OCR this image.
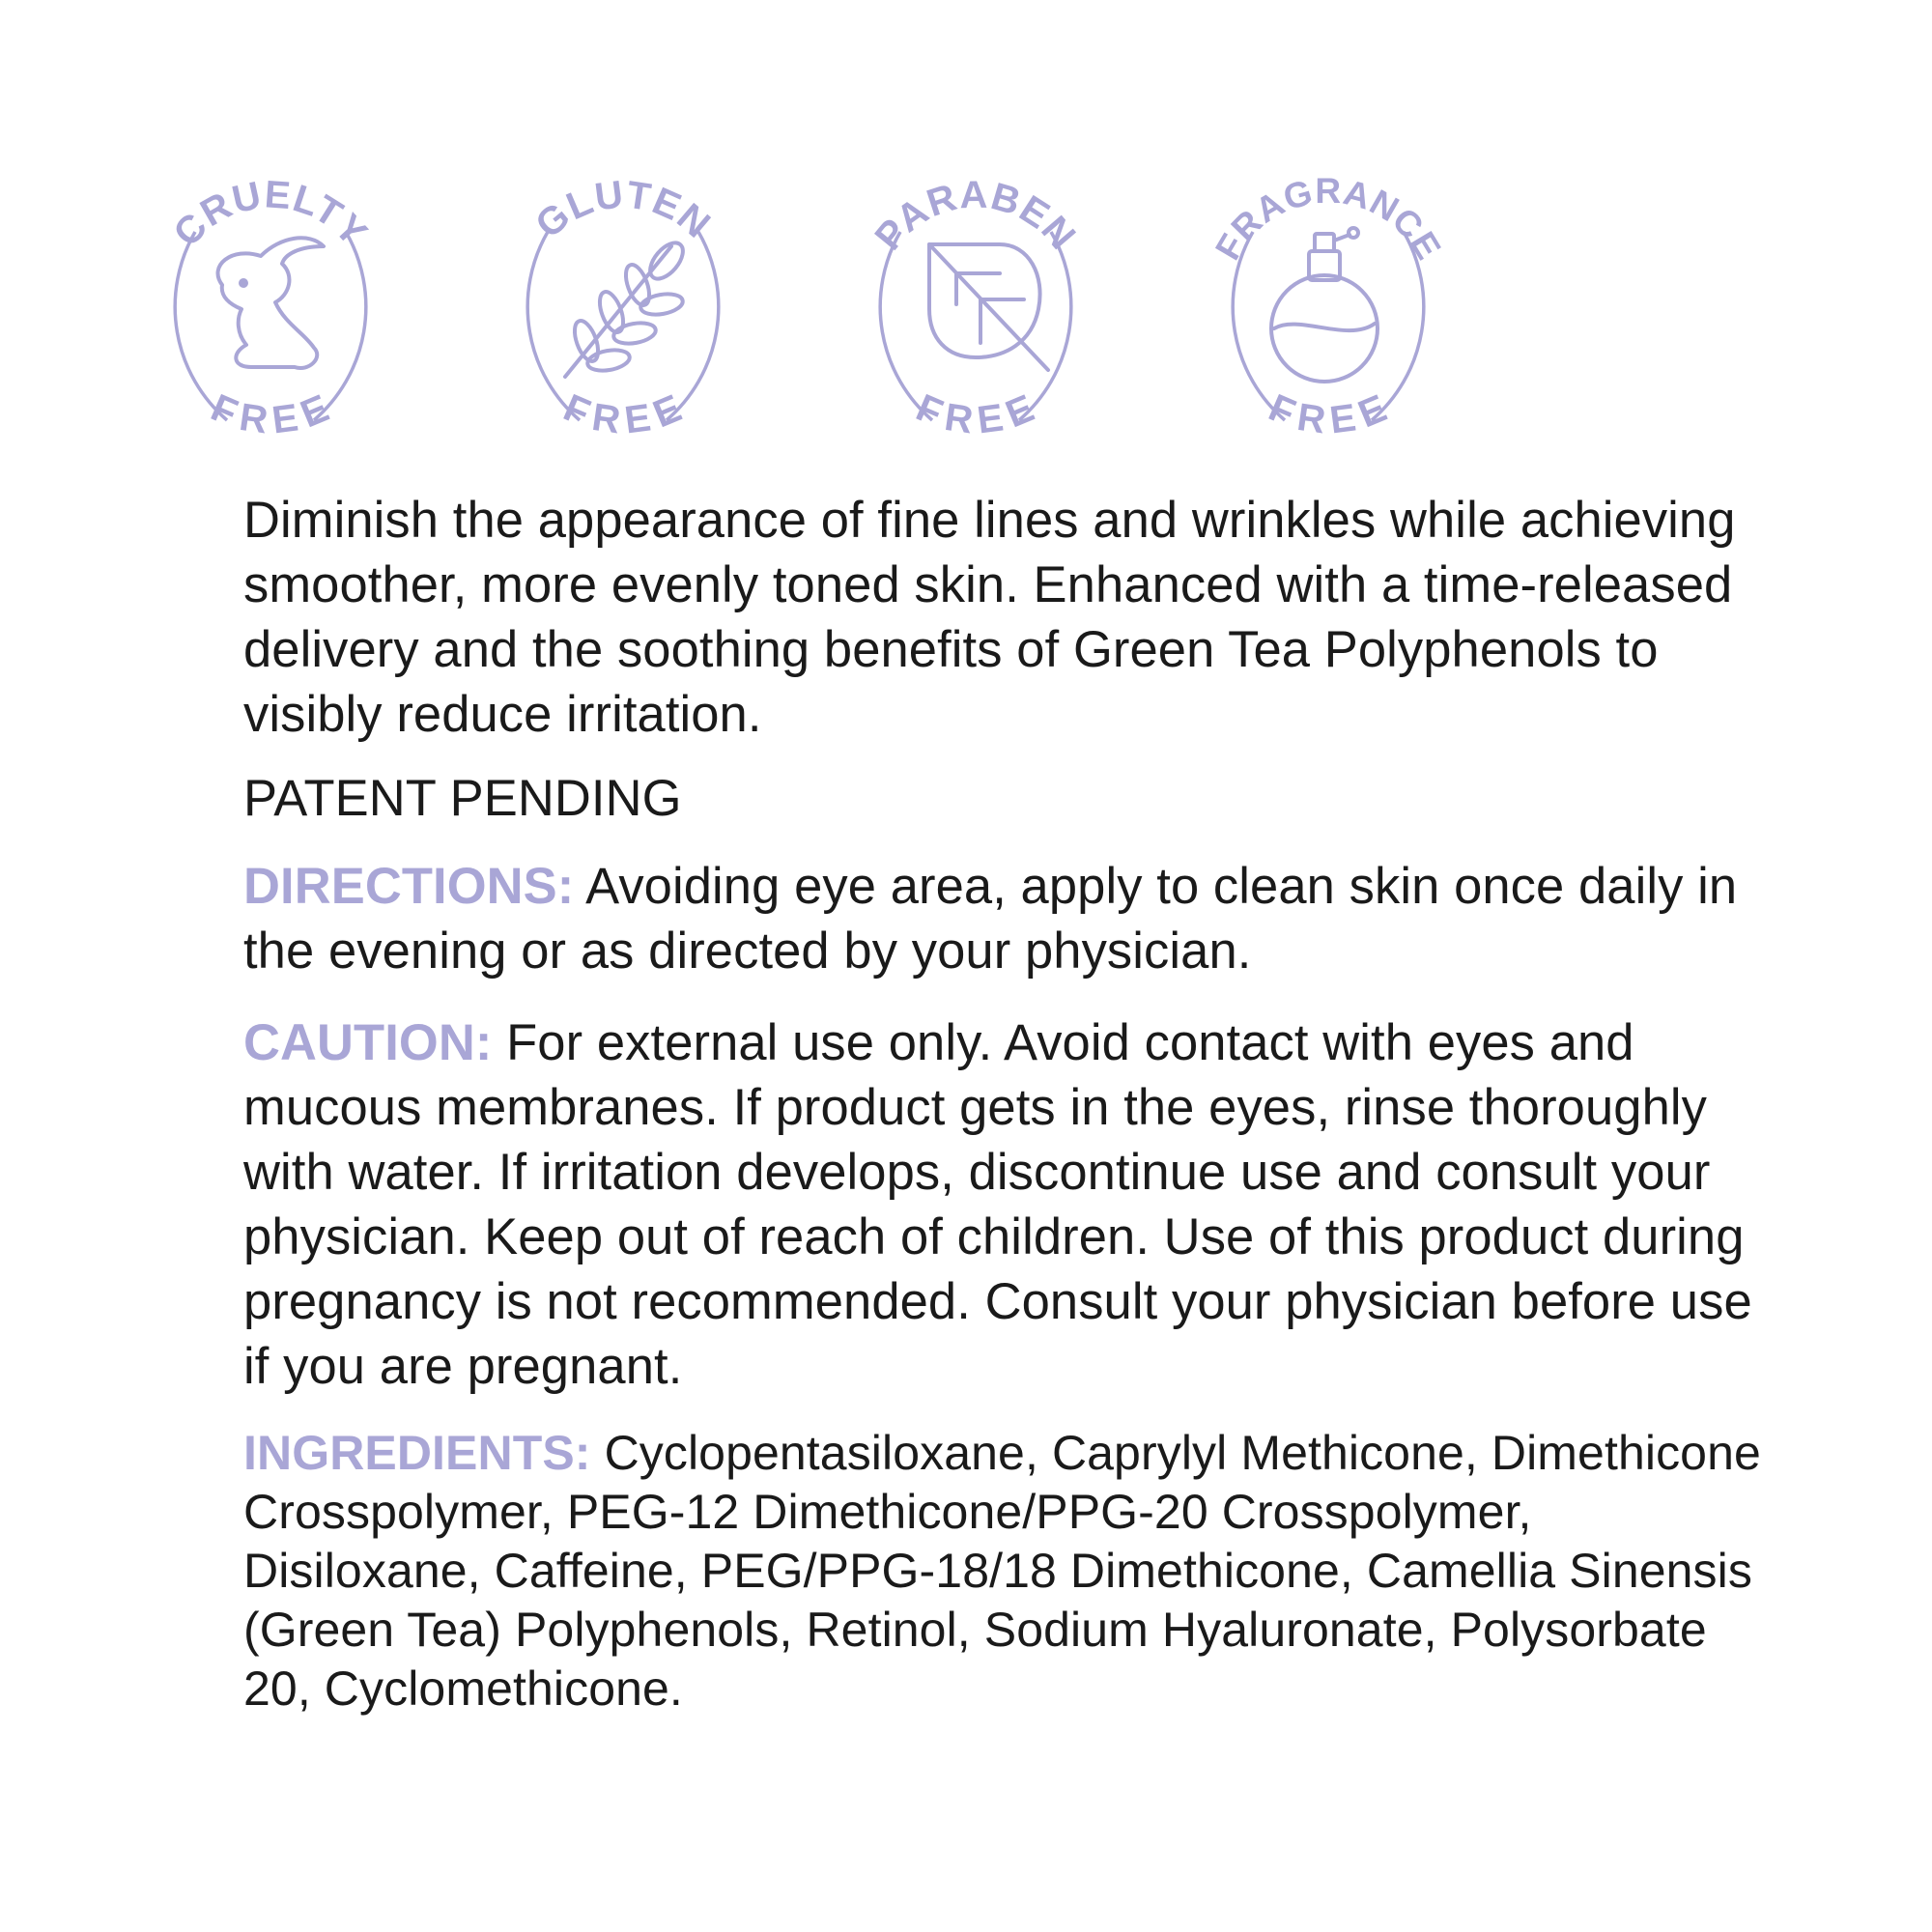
CRUELTY
FREE
GLUTEN
FREE
PARABEN
FREE
FRAGRANCE
FREE

Diminish the appearance of fine lines and wrinkles while achieving smoother, more evenly toned skin. Enhanced with a time-released delivery and the soothing benefits of Green Tea Polyphenols to visibly reduce irritation.

PATENT PENDING

DIRECTIONS: Avoiding eye area, apply to clean skin once daily in the evening or as directed by your physician.

CAUTION: For external use only. Avoid contact with eyes and mucous membranes. If product gets in the eyes, rinse thoroughly with water. If irritation develops, discontinue use and consult your physician. Keep out of reach of children. Use of this product during pregnancy is not recommended. Consult your physician before use if you are pregnant.

INGREDIENTS: Cyclopentasiloxane, Caprylyl Methicone, Dimethicone Crosspolymer, PEG-12 Dimethicone/PPG-20 Crosspolymer, Disiloxane, Caffeine, PEG/PPG-18/18 Dimethicone, Camellia Sinensis (Green Tea) Polyphenols, Retinol, Sodium Hyaluronate, Polysorbate 20, Cyclomethicone.
